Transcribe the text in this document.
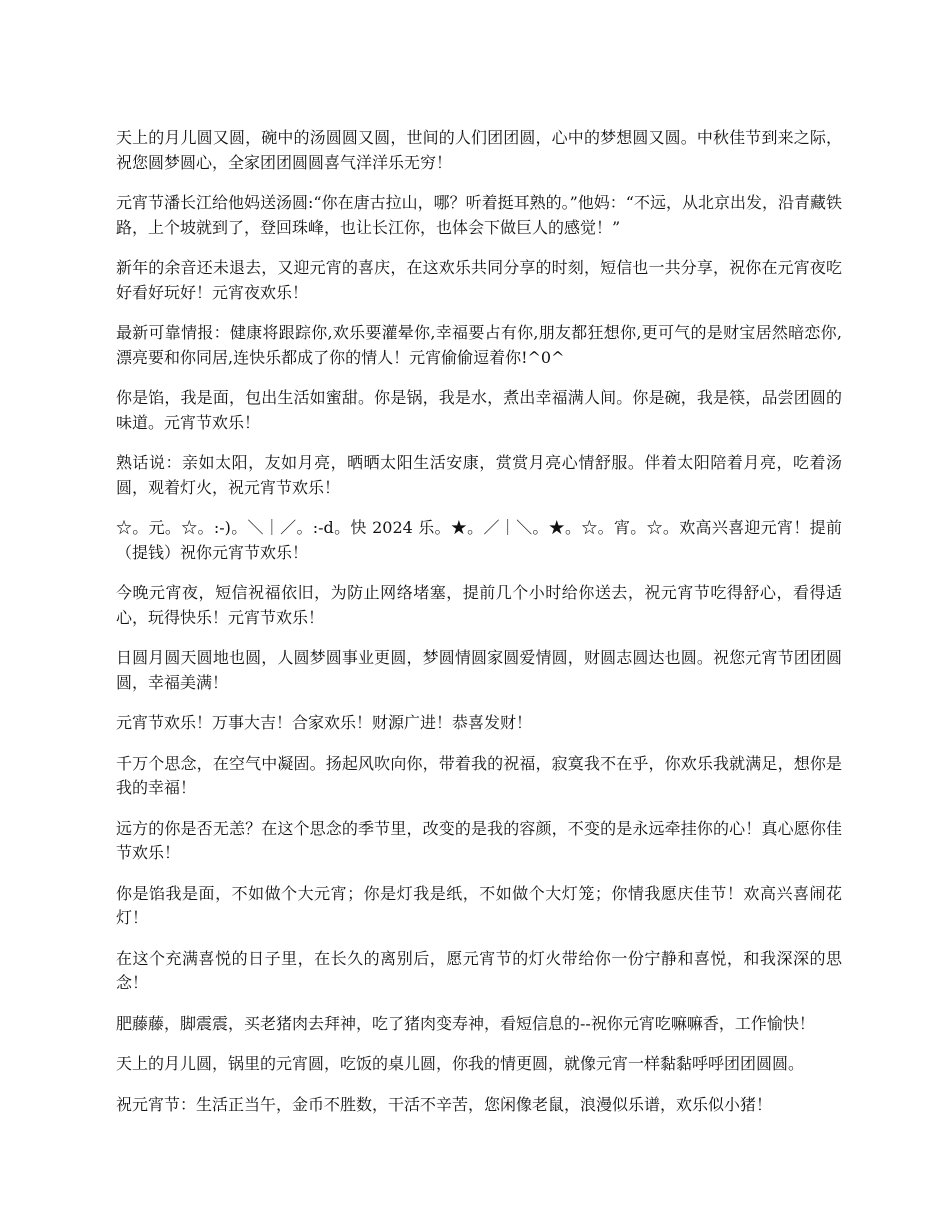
天上的月儿圆又圆，碗中的汤圆圆又圆，世间的人们团团圆，心中的梦想圆又圆。中秋佳节到来之际，祝您圆梦圆心，全家团团圆圆喜气洋洋乐无穷！

元宵节潘长江给他妈送汤圆:“你在唐古拉山，哪？听着挺耳熟的。”他妈：“不远，从北京出发，沿青藏铁路，上个坡就到了，登回珠峰，也让长江你，也体会下做巨人的感觉！”

新年的余音还未退去，又迎元宵的喜庆，在这欢乐共同分享的时刻，短信也一共分享，祝你在元宵夜吃好看好玩好！元宵夜欢乐！

最新可靠情报：健康将跟踪你,欢乐要灌晕你,幸福要占有你,朋友都狂想你,更可气的是财宝居然暗恋你,漂亮要和你同居,连快乐都成了你的情人！元宵偷偷逗着你!^0^

你是馅，我是面，包出生活如蜜甜。你是锅，我是水，煮出幸福满人间。你是碗，我是筷，品尝团圆的味道。元宵节欢乐！

熟话说：亲如太阳，友如月亮，晒晒太阳生活安康，赏赏月亮心情舒服。伴着太阳陪着月亮，吃着汤圆，观着灯火，祝元宵节欢乐！

☆。元。☆。:-)。＼｜／。:-d。快 2024 乐。★。／｜＼。★。☆。宵。☆。欢高兴喜迎元宵！提前（提钱）祝你元宵节欢乐！

今晚元宵夜，短信祝福依旧，为防止网络堵塞，提前几个小时给你送去，祝元宵节吃得舒心，看得适心，玩得快乐！元宵节欢乐！

日圆月圆天圆地也圆，人圆梦圆事业更圆，梦圆情圆家圆爱情圆，财圆志圆达也圆。祝您元宵节团团圆圆，幸福美满！

元宵节欢乐！万事大吉！合家欢乐！财源广进！恭喜发财！

千万个思念，在空气中凝固。扬起风吹向你，带着我的祝福，寂寞我不在乎，你欢乐我就满足，想你是我的幸福！

远方的你是否无恙？在这个思念的季节里，改变的是我的容颜，不变的是永远牵挂你的心！真心愿你佳节欢乐！

你是馅我是面，不如做个大元宵；你是灯我是纸，不如做个大灯笼；你情我愿庆佳节！欢高兴喜闹花灯！

在这个充满喜悦的日子里，在长久的离别后，愿元宵节的灯火带给你一份宁静和喜悦，和我深深的思念！

肥藤藤，脚震震，买老猪肉去拜神，吃了猪肉变寿神，看短信息的--祝你元宵吃嘛嘛香，工作愉快！

天上的月儿圆，锅里的元宵圆，吃饭的桌儿圆，你我的情更圆，就像元宵一样黏黏呼呼团团圆圆。

祝元宵节：生活正当午，金币不胜数，干活不辛苦，您闲像老鼠，浪漫似乐谱，欢乐似小猪！
